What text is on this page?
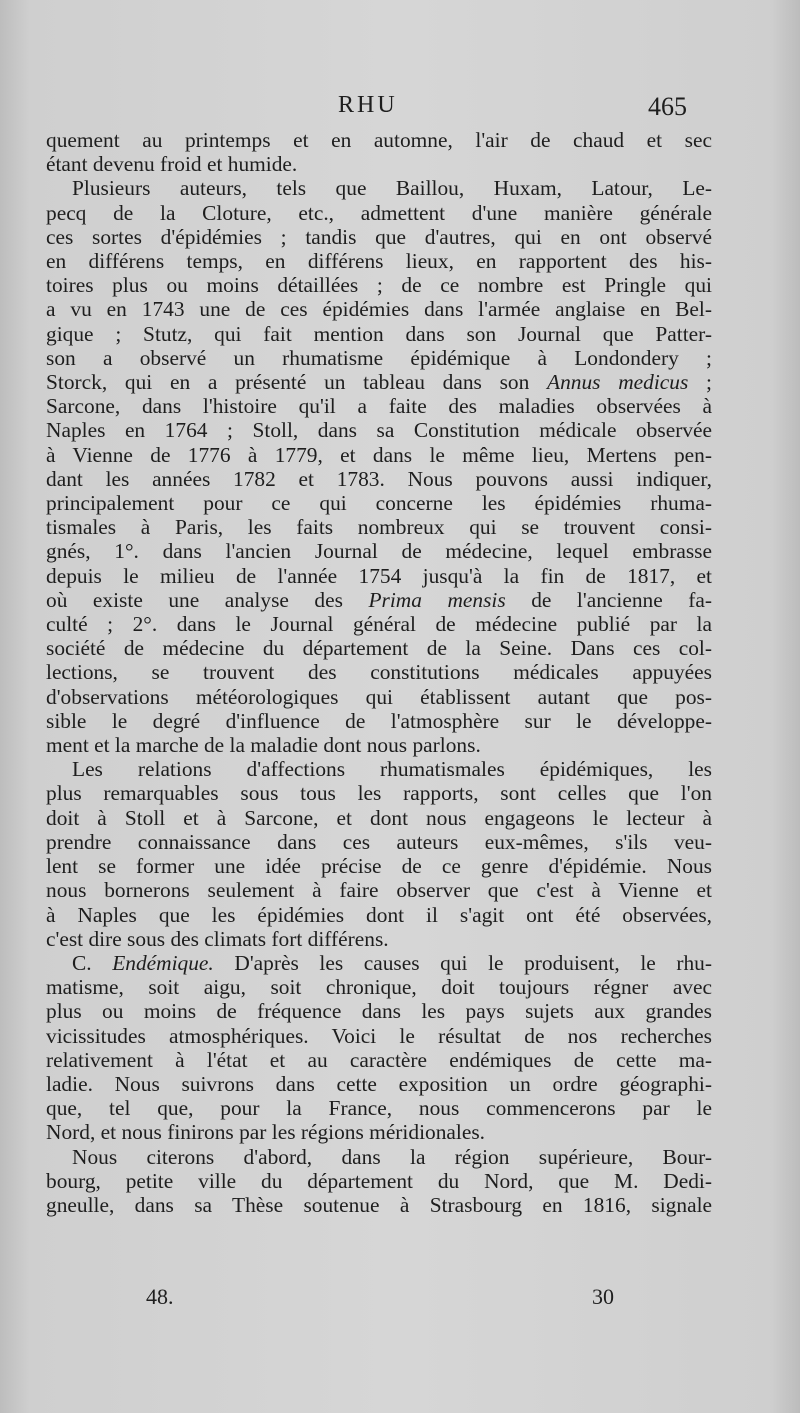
RHU	465
quement au printemps et en automne, l'air de chaud et sec
étant devenu froid et humide.
Plusieurs auteurs, tels que Baillou, Huxam, Latour, Le-
pecq de la Cloture, etc., admettent d'une manière générale
ces sortes d'épidémies ; tandis que d'autres, qui en ont observé
en différens temps, en différens lieux, en rapportent des his-
toires plus ou moins détaillées ; de ce nombre est Pringle qui
a vu en 1743 une de ces épidémies dans l'armée anglaise en Bel-
gique ; Stutz, qui fait mention dans son Journal que Patter-
son a observé un rhumatisme épidémique à Londondery ;
Storck, qui en a présenté un tableau dans son Annus medicus ;
Sarcone, dans l'histoire qu'il a faite des maladies observées à
Naples en 1764 ; Stoll, dans sa Constitution médicale observée
à Vienne de 1776 à 1779, et dans le même lieu, Mertens pen-
dant les années 1782 et 1783. Nous pouvons aussi indiquer,
principalement pour ce qui concerne les épidémies rhuma-
tismales à Paris, les faits nombreux qui se trouvent consi-
gnés, 1°. dans l'ancien Journal de médecine, lequel embrasse
depuis le milieu de l'année 1754 jusqu'à la fin de 1817, et
où existe une analyse des Prima mensis de l'ancienne fa-
culté ; 2°. dans le Journal général de médecine publié par la
société de médecine du département de la Seine. Dans ces col-
lections, se trouvent des constitutions médicales appuyées
d'observations météorologiques qui établissent autant que pos-
sible le degré d'influence de l'atmosphère sur le développe-
ment et la marche de la maladie dont nous parlons.
Les relations d'affections rhumatismales épidémiques, les
plus remarquables sous tous les rapports, sont celles que l'on
doit à Stoll et à Sarcone, et dont nous engageons le lecteur à
prendre connaissance dans ces auteurs eux-mêmes, s'ils veu-
lent se former une idée précise de ce genre d'épidémie. Nous
nous bornerons seulement à faire observer que c'est à Vienne et
à Naples que les épidémies dont il s'agit ont été observées,
c'est dire sous des climats fort différens.
C. Endémique. D'après les causes qui le produisent, le rhu-
matisme, soit aigu, soit chronique, doit toujours régner avec
plus ou moins de fréquence dans les pays sujets aux grandes
vicissitudes atmosphériques. Voici le résultat de nos recherches
relativement à l'état et au caractère endémiques de cette ma-
ladie. Nous suivrons dans cette exposition un ordre géographi-
que, tel que, pour la France, nous commencerons par le
Nord, et nous finirons par les régions méridionales.
Nous citerons d'abord, dans la région supérieure, Bour-
bourg, petite ville du département du Nord, que M. Dedi-
gneulle, dans sa Thèse soutenue à Strasbourg en 1816, signale
48.	30
